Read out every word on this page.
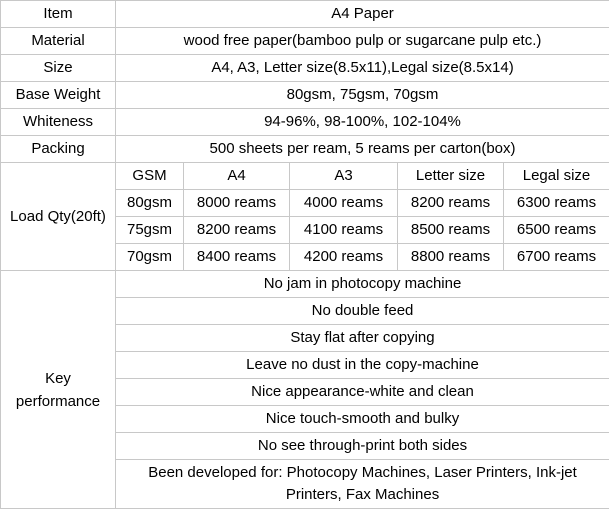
Item	A4 Paper				
Material	wood free paper(bamboo pulp or sugarcane pulp etc.)				
Size	A4, A3, Letter size(8.5x11),Legal size(8.5x14)				
Base Weight	80gsm, 75gsm, 70gsm				
Whiteness	94-96%, 98-100%, 102-104%				
Packing	500 sheets per ream, 5 reams per carton(box)				
Load Qty(20ft)	GSM	A4	A3	Letter size	Legal size
	80gsm	8000 reams	4000 reams	8200 reams	6300 reams
	75gsm	8200 reams	4100 reams	8500 reams	6500 reams
	70gsm	8400 reams	4200 reams	8800 reams	6700 reams
Key
performance	No jam in photocopy machine				
	No double feed				
	Stay flat after copying				
	Leave no dust in the copy-machine				
	Nice appearance-white and clean				
	Nice touch-smooth and bulky				
	No see through-print both sides				
	Been developed for: Photocopy Machines, Laser Printers, Ink-jet Printers, Fax Machines				
